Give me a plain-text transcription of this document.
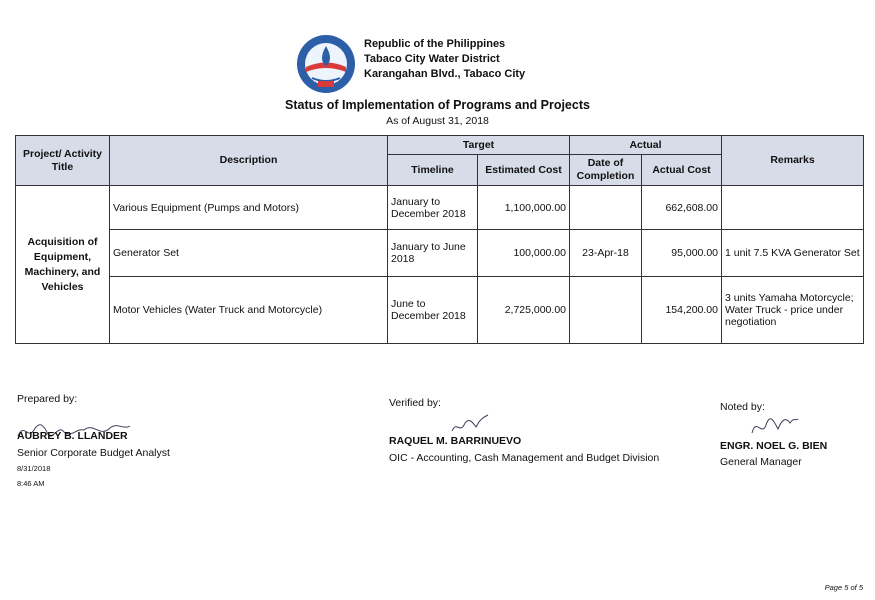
Republic of the Philippines
Tabaco City Water District
Karangahan Blvd., Tabaco City
Status of Implementation of Programs and Projects
As of August 31, 2018
Project/ Activity Title	Description	Target		Actual		Remarks
		Timeline	Estimated Cost	Date of Completion	Actual Cost	
Acquisition of Equipment, Machinery, and Vehicles	Various Equipment (Pumps and Motors)	January to December 2018	1,100,000.00		662,608.00	
	Generator Set	January to June 2018	100,000.00	23-Apr-18	95,000.00	1 unit 7.5 KVA Generator Set
	Motor Vehicles (Water Truck and Motorcycle)	June to December 2018	2,725,000.00		154,200.00	3 units Yamaha Motorcycle; Water Truck - price under negotiation
Prepared by:
AUBREY B. LLANDER
Senior Corporate Budget Analyst
8/31/2018
8:46 AM
Verified by:
RAQUEL M. BARRINUEVO
OIC - Accounting, Cash Management and Budget Division
Noted by:
ENGR. NOEL G. BIEN
General Manager
Page 5 of 5
